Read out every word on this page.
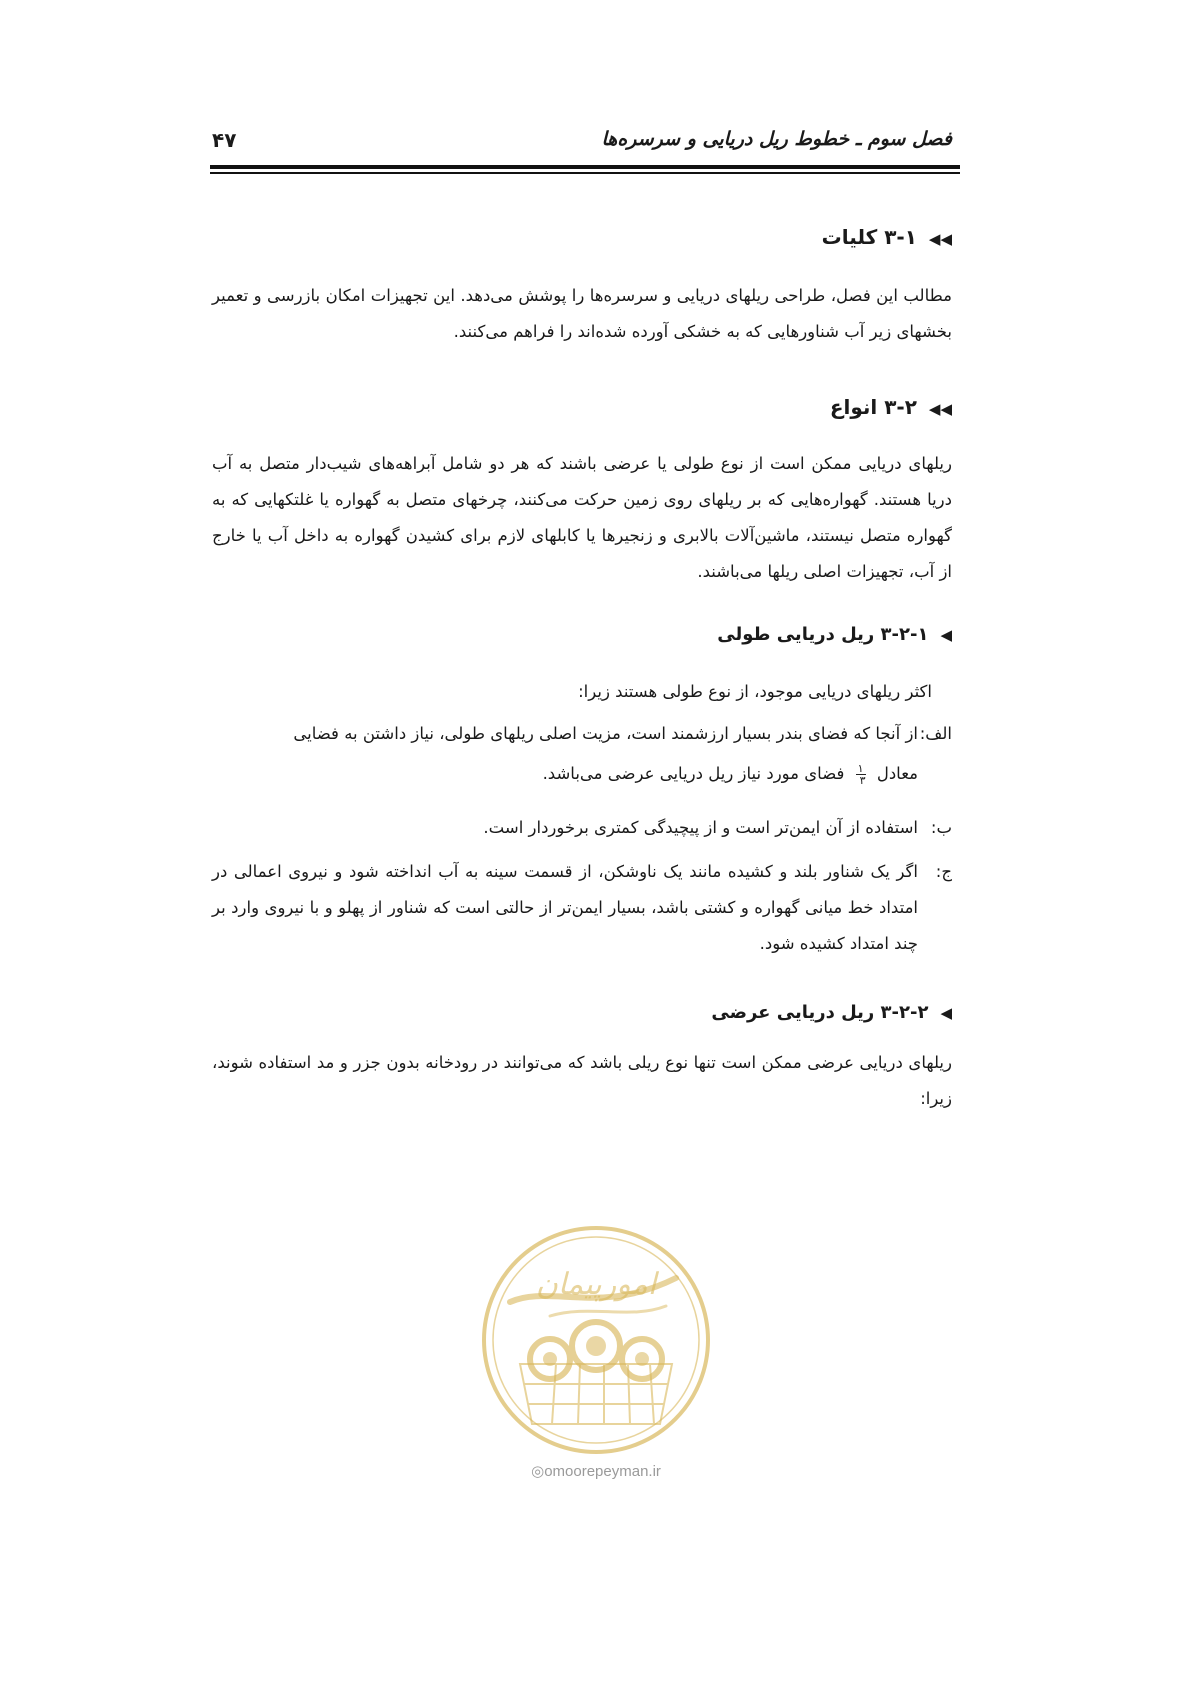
فصل سوم ـ خطوط ریل دریایی و سرسره‌ها
۴۷
◀◀۳-۱ کلیات

مطالب این فصل، طراحی ریلهای دریایی و سرسره‌ها را پوشش می‌دهد. این تجهیزات امکان بازرسی و تعمیر بخشهای زیر آب شناورهایی که به خشکی آورده شده‌اند را فراهم می‌کنند.

◀◀۳-۲ انواع

ریلهای دریایی ممکن است از نوع طولی یا عرضی باشند که هر دو شامل آبراهه‌های شیب‌دار متصل به آب دریا هستند. گهواره‌هایی که بر ریلهای روی زمین حرکت می‌کنند، چرخهای متصل به گهواره یا غلتکهایی که به گهواره متصل نیستند، ماشین‌آلات بالابری و زنجیرها یا کابلهای لازم برای کشیدن گهواره به داخل آب یا خارج از آب، تجهیزات اصلی ریلها می‌باشند.

◀۳-۲-۱ ریل دریایی طولی
اکثر ریلهای دریایی موجود، از نوع طولی هستند زیرا:
الف:
از آنجا که فضای بندر بسیار ارزشمند است، مزیت اصلی ریلهای طولی، نیاز داشتن به فضایی
معادل
$\frac{۱}{۳}$
فضای مورد نیاز ریل دریایی عرضی می‌باشد.
ب:
استفاده از آن ایمن‌تر است و از پیچیدگی کمتری برخوردار است.
ج:
اگر یک شناور بلند و کشیده مانند یک ناوشکن، از قسمت سینه به آب انداخته شود و نیروی اعمالی در امتداد خط میانی گهواره و کشتی باشد، بسیار ایمن‌تر از حالتی است که شناور از پهلو و با نیروی وارد بر چند امتداد کشیده شود.
◀۳-۲-۲ ریل دریایی عرضی

ریلهای دریایی عرضی ممکن است تنها نوع ریلی باشد که می‌توانند در رودخانه بدون جزر و مد استفاده شوند، زیرا:

امورپیمان
◎omoorepeyman.ir
